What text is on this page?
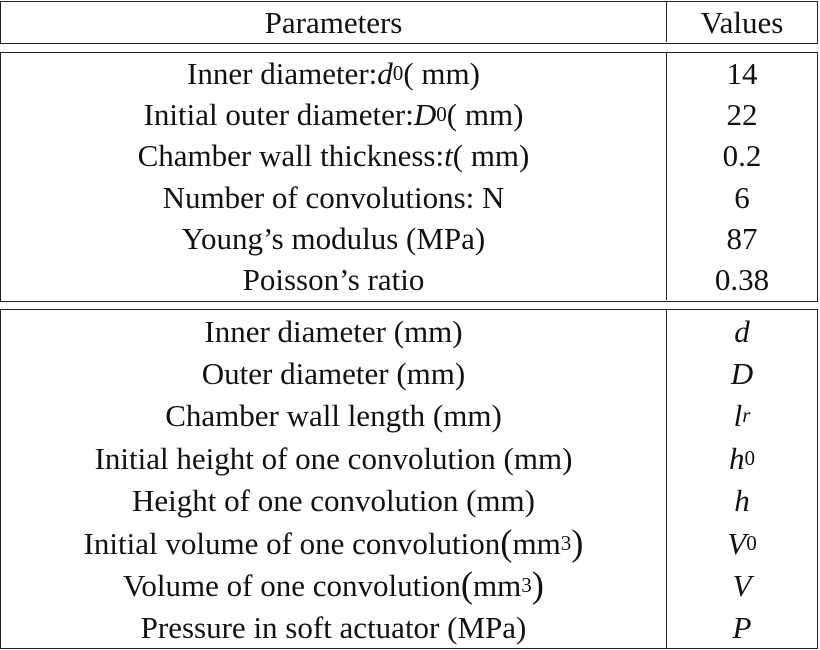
Parameters	Values
Inner diameter: d 0 ( mm)	14
Initial outer diameter: D 0 ( mm)	22
Chamber wall thickness: t ( mm)	0.2
Number of convolutions: N	6
Young’s modulus (MPa)	87
Poisson’s ratio	0.38
Inner diameter (mm)	d
Outer diameter (mm)	D
Chamber wall length (mm)	l r
Initial height of one convolution (mm)	h 0
Height of one convolution (mm)	h
Initial volume of one convolution ( mm 3 )	V 0
Volume of one convolution ( mm 3 )	V
Pressure in soft actuator (MPa)	P
